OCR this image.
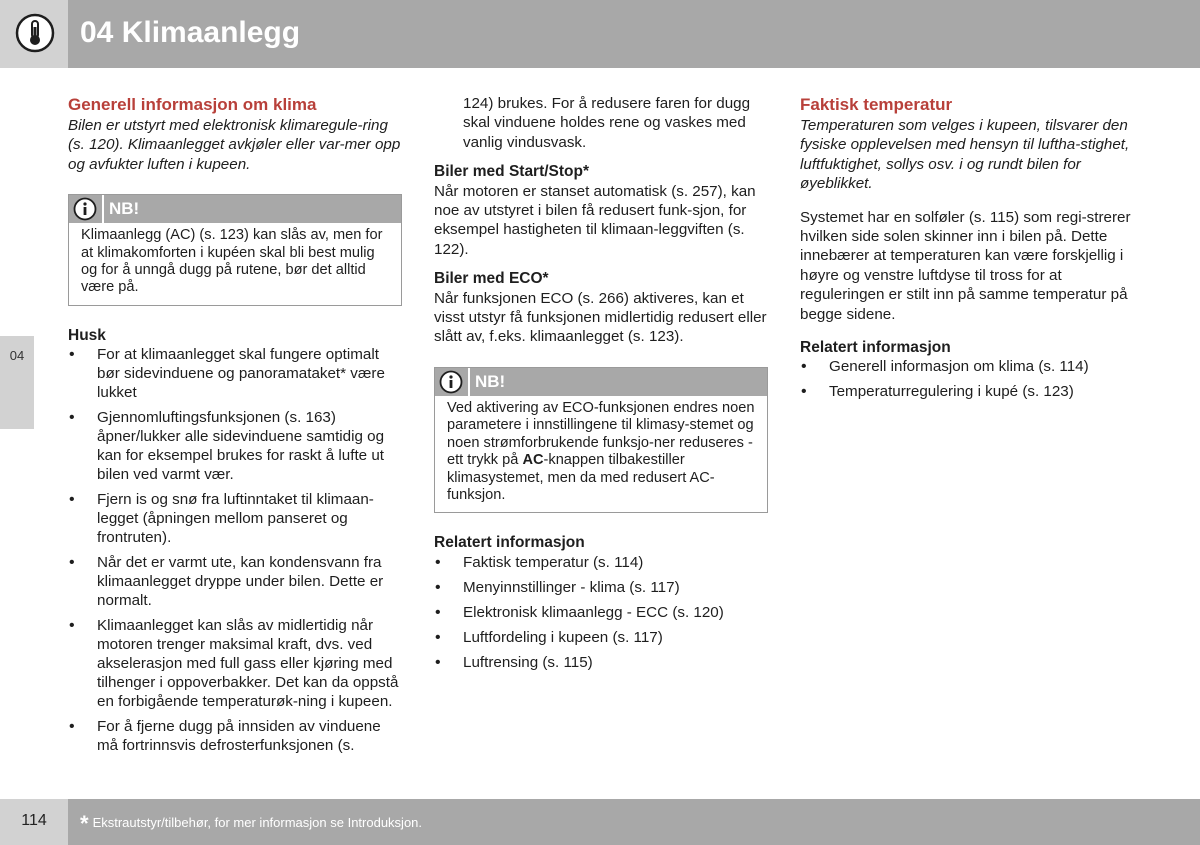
04 Klimaanlegg
04
Generell informasjon om klima

Bilen er utstyrt med elektronisk klimaregule-ring (s. 120). Klimaanlegget avkjøler eller var-mer opp og avfukter luften i kupeen.

NB!
Klimaanlegg (AC) (s. 123) kan slås av, men for at klimakomforten i kupéen skal bli best mulig og for å unngå dugg på rutene, bør det alltid være på.
Husk
• For at klimaanlegget skal fungere optimalt bør sidevinduene og panoramataket* være lukket
• Gjennomluftingsfunksjonen (s. 163) åpner/lukker alle sidevinduene samtidig og kan for eksempel brukes for raskt å lufte ut bilen ved varmt vær.
• Fjern is og snø fra luftinntaket til klimaan-legget (åpningen mellom panseret og frontruten).
• Når det er varmt ute, kan kondensvann fra klimaanlegget dryppe under bilen. Dette er normalt.
• Klimaanlegget kan slås av midlertidig når motoren trenger maksimal kraft, dvs. ved akselerasjon med full gass eller kjøring med tilhenger i oppoverbakker. Det kan da oppstå en forbigående temperaturøk-ning i kupeen.
• For å fjerne dugg på innsiden av vinduene må fortrinnsvis defrosterfunksjonen (s.

124) brukes. For å redusere faren for dugg skal vinduene holdes rene og vaskes med vanlig vindusvask.

Biler med Start/Stop*

Når motoren er stanset automatisk (s. 257), kan noe av utstyret i bilen få redusert funk-sjon, for eksempel hastigheten til klimaan-leggviften (s. 122).

Biler med ECO*

Når funksjonen ECO (s. 266) aktiveres, kan et visst utstyr få funksjonen midlertidig redusert eller slått av, f.eks. klimaanlegget (s. 123).

NB!
Ved aktivering av ECO-funksjonen endres noen parametere i innstillingene til klimasy-stemet og noen strømforbrukende funksjo-ner reduseres - ett trykk på AC-knappen tilbakestiller klimasystemet, men da med redusert AC-funksjon.
Relatert informasjon
• Faktisk temperatur (s. 114)
• Menyinnstillinger - klima (s. 117)
• Elektronisk klimaanlegg - ECC (s. 120)
• Luftfordeling i kupeen (s. 117)
• Luftrensing (s. 115)
Faktisk temperatur

Temperaturen som velges i kupeen, tilsvarer den fysiske opplevelsen med hensyn til luftha-stighet, luftfuktighet, sollys osv. i og rundt bilen for øyeblikket.

Systemet har en solføler (s. 115) som regi-strerer hvilken side solen skinner inn i bilen på. Dette innebærer at temperaturen kan være forskjellig i høyre og venstre luftdyse til tross for at reguleringen er stilt inn på samme temperatur på begge sidene.

Relatert informasjon
• Generell informasjon om klima (s. 114)
• Temperaturregulering i kupé (s. 123)
114	* Ekstrautstyr/tilbehør, for mer informasjon se Introduksjon.
